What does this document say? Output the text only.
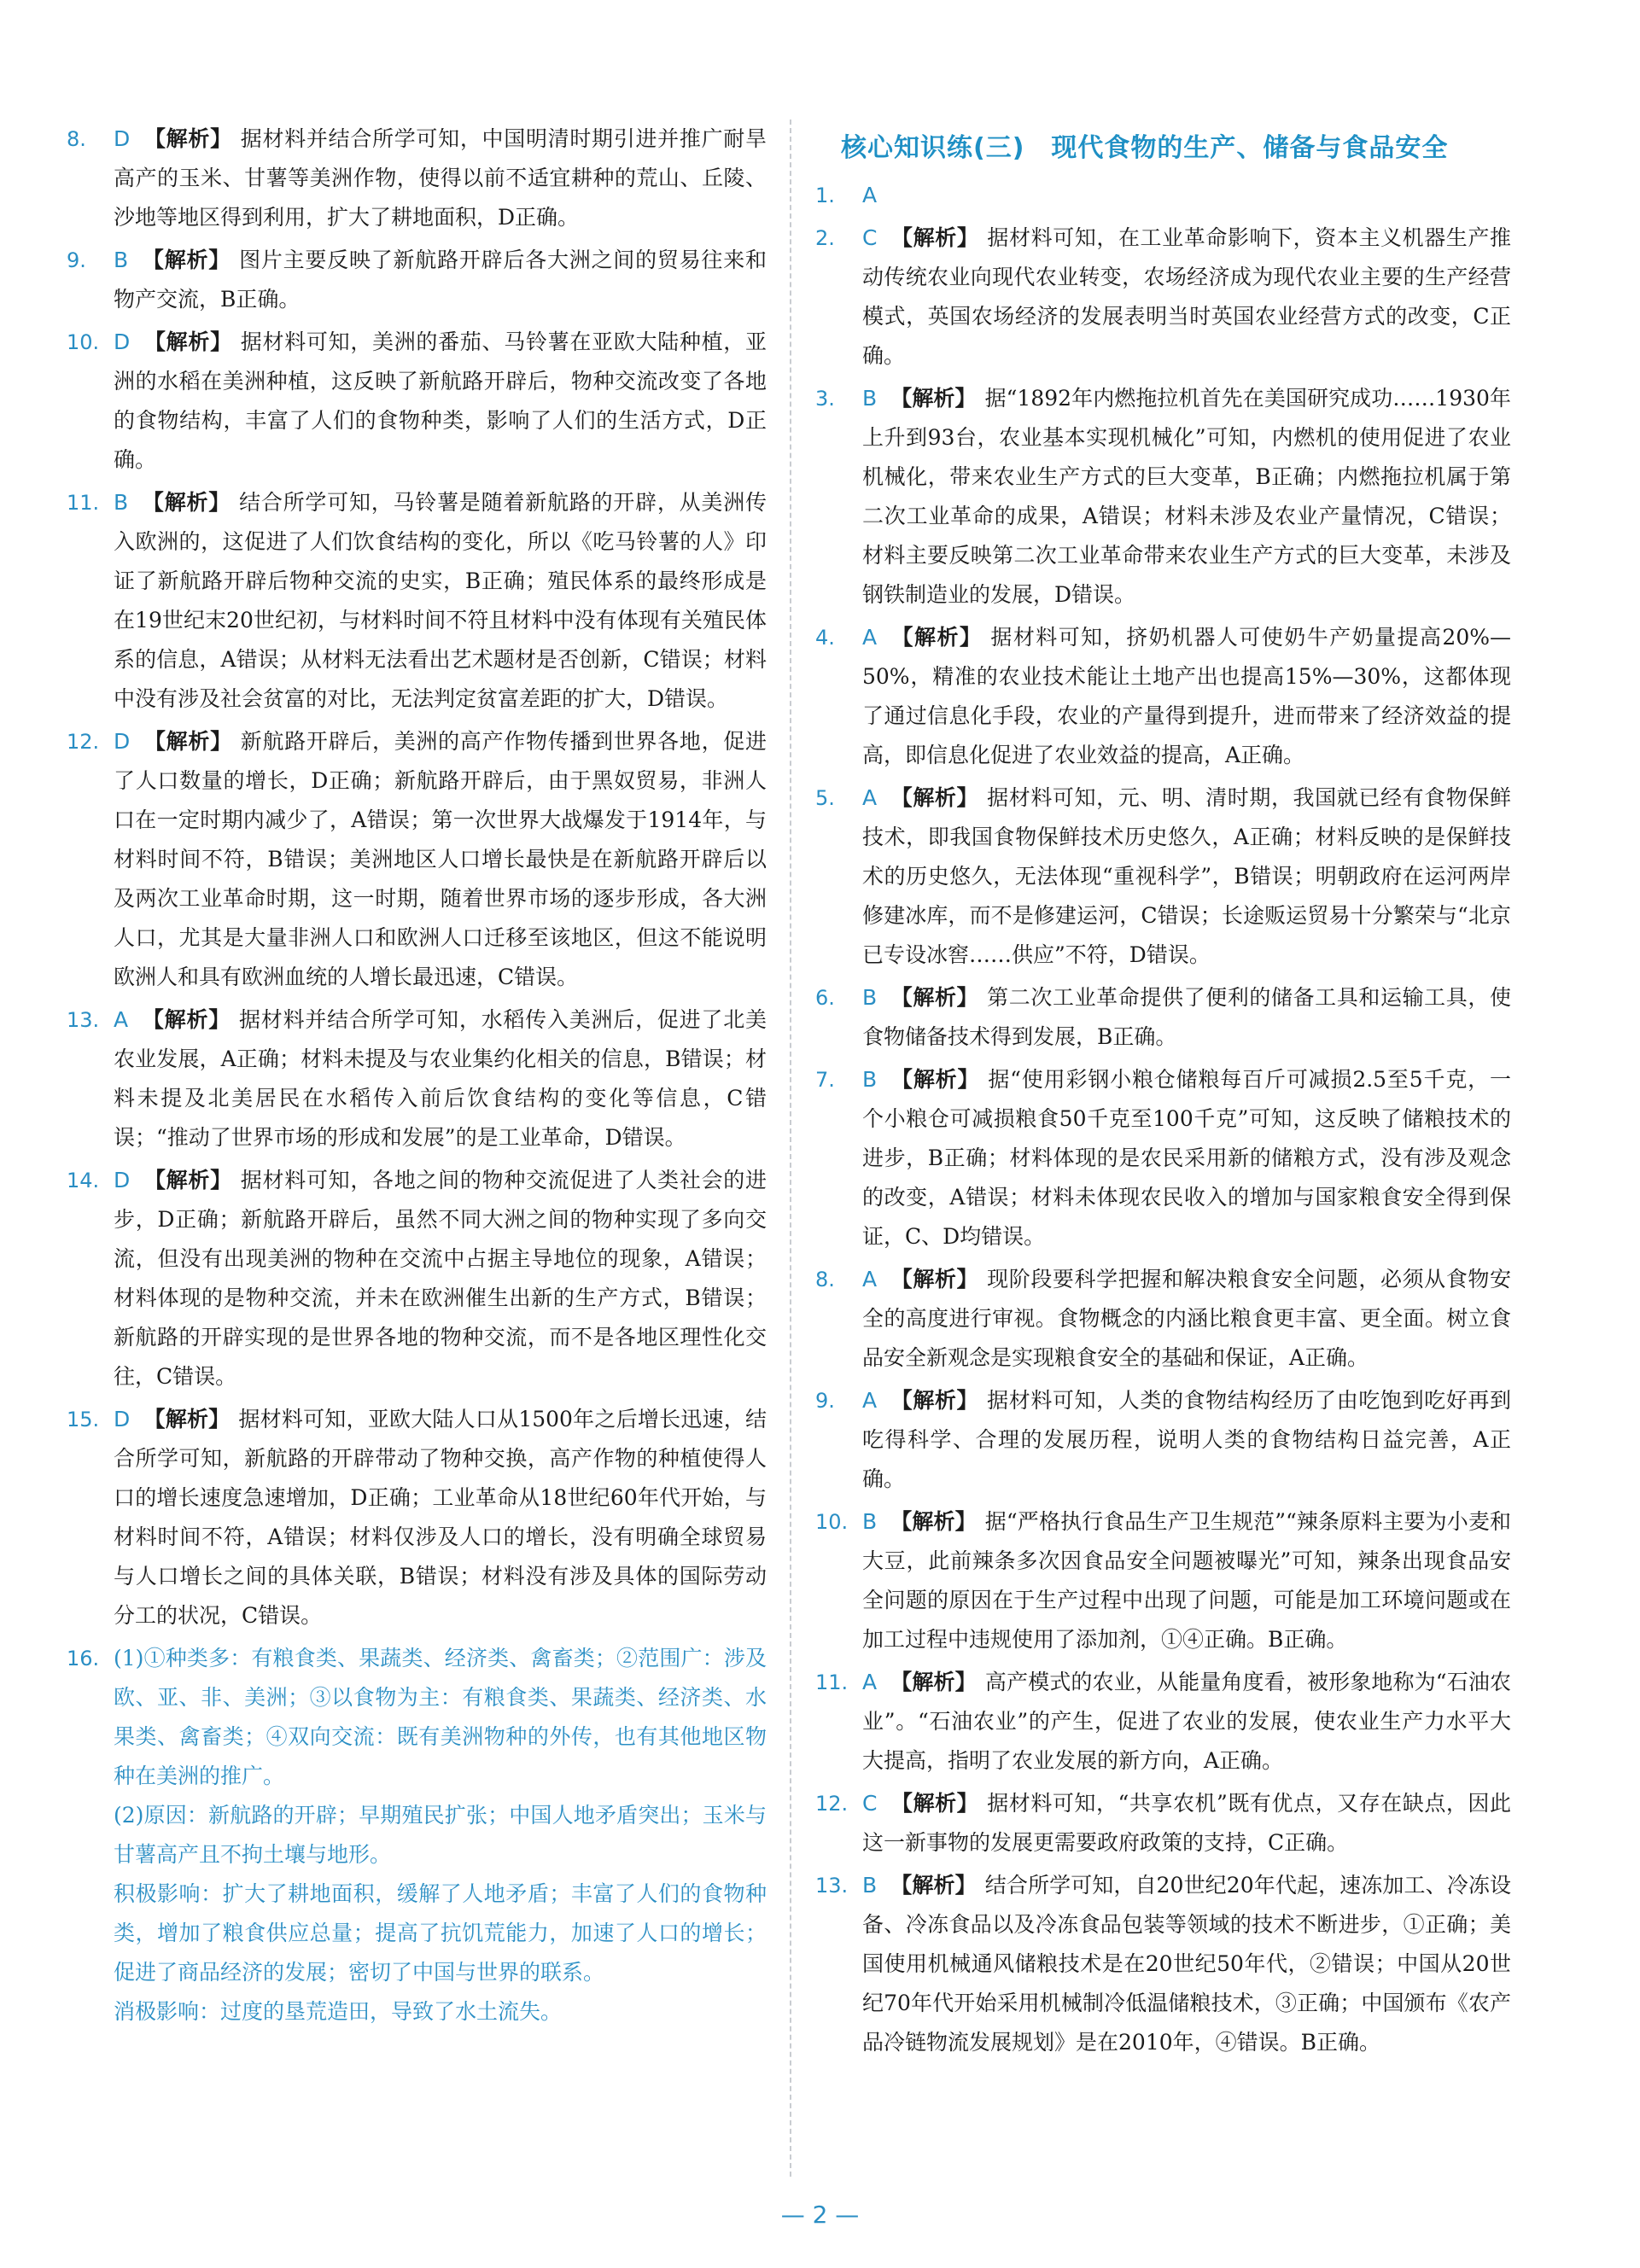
8. D 【解析】 据材料并结合所学可知，中国明清时期引进并推广耐旱高产的玉米、甘薯等美洲作物，使得以前不适宜耕种的荒山、丘陵、沙地等地区得到利用，扩大了耕地面积，D正确。
9. B 【解析】 图片主要反映了新航路开辟后各大洲之间的贸易往来和物产交流，B正确。
10. D 【解析】 据材料可知，美洲的番茄、马铃薯在亚欧大陆种植，亚洲的水稻在美洲种植，这反映了新航路开辟后，物种交流改变了各地的食物结构，丰富了人们的食物种类，影响了人们的生活方式，D正确。
11. B 【解析】 结合所学可知，马铃薯是随着新航路的开辟，从美洲传入欧洲的，这促进了人们饮食结构的变化，所以《吃马铃薯的人》印证了新航路开辟后物种交流的史实，B正确；殖民体系的最终形成是在19世纪末20世纪初，与材料时间不符且材料中没有体现有关殖民体系的信息，A错误；从材料无法看出艺术题材是否创新，C错误；材料中没有涉及社会贫富的对比，无法判定贫富差距的扩大，D错误。
12. D 【解析】 新航路开辟后，美洲的高产作物传播到世界各地，促进了人口数量的增长，D正确；新航路开辟后，由于黑奴贸易，非洲人口在一定时期内减少了，A错误；第一次世界大战爆发于1914年，与材料时间不符，B错误；美洲地区人口增长最快是在新航路开辟后以及两次工业革命时期，这一时期，随着世界市场的逐步形成，各大洲人口，尤其是大量非洲人口和欧洲人口迁移至该地区，但这不能说明欧洲人和具有欧洲血统的人增长最迅速，C错误。
13. A 【解析】 据材料并结合所学可知，水稻传入美洲后，促进了北美农业发展，A正确；材料未提及与农业集约化相关的信息，B错误；材料未提及北美居民在水稻传入前后饮食结构的变化等信息，C错误；“推动了世界市场的形成和发展”的是工业革命，D错误。
14. D 【解析】 据材料可知，各地之间的物种交流促进了人类社会的进步，D正确；新航路开辟后，虽然不同大洲之间的物种实现了多向交流，但没有出现美洲的物种在交流中占据主导地位的现象，A错误；材料体现的是物种交流，并未在欧洲催生出新的生产方式，B错误；新航路的开辟实现的是世界各地的物种交流，而不是各地区理性化交往，C错误。
15. D 【解析】 据材料可知，亚欧大陆人口从1500年之后增长迅速，结合所学可知，新航路的开辟带动了物种交换，高产作物的种植使得人口的增长速度急速增加，D正确；工业革命从18世纪60年代开始，与材料时间不符，A错误；材料仅涉及人口的增长，没有明确全球贸易与人口增长之间的具体关联，B错误；材料没有涉及具体的国际劳动分工的状况，C错误。
16. (1)①种类多：有粮食类、果蔬类、经济类、禽畜类；②范围广：涉及欧、亚、非、美洲；③以食物为主：有粮食类、果蔬类、经济类、水果类、禽畜类；④双向交流：既有美洲物种的外传，也有其他地区物种在美洲的推广。

(2)原因：新航路的开辟；早期殖民扩张；中国人地矛盾突出；玉米与甘薯高产且不拘土壤与地形。

积极影响：扩大了耕地面积，缓解了人地矛盾；丰富了人们的食物种类，增加了粮食供应总量；提高了抗饥荒能力，加速了人口的增长；促进了商品经济的发展；密切了中国与世界的联系。

消极影响：过度的垦荒造田，导致了水土流失。

核心知识练(三)　现代食物的生产、储备与食品安全
1. A
2. C 【解析】 据材料可知，在工业革命影响下，资本主义机器生产推动传统农业向现代农业转变，农场经济成为现代农业主要的生产经营模式，英国农场经济的发展表明当时英国农业经营方式的改变，C正确。
3. B 【解析】 据“1892年内燃拖拉机首先在美国研究成功……1930年上升到93台，农业基本实现机械化”可知，内燃机的使用促进了农业机械化，带来农业生产方式的巨大变革，B正确；内燃拖拉机属于第二次工业革命的成果，A错误；材料未涉及农业产量情况，C错误；材料主要反映第二次工业革命带来农业生产方式的巨大变革，未涉及钢铁制造业的发展，D错误。
4. A 【解析】 据材料可知，挤奶机器人可使奶牛产奶量提高20%—50%，精准的农业技术能让土地产出也提高15%—30%，这都体现了通过信息化手段，农业的产量得到提升，进而带来了经济效益的提高，即信息化促进了农业效益的提高，A正确。
5. A 【解析】 据材料可知，元、明、清时期，我国就已经有食物保鲜技术，即我国食物保鲜技术历史悠久，A正确；材料反映的是保鲜技术的历史悠久，无法体现“重视科学”，B错误；明朝政府在运河两岸修建冰库，而不是修建运河，C错误；长途贩运贸易十分繁荣与“北京已专设冰窖……供应”不符，D错误。
6. B 【解析】 第二次工业革命提供了便利的储备工具和运输工具，使食物储备技术得到发展，B正确。
7. B 【解析】 据“使用彩钢小粮仓储粮每百斤可减损2.5至5千克，一个小粮仓可减损粮食50千克至100千克”可知，这反映了储粮技术的进步，B正确；材料体现的是农民采用新的储粮方式，没有涉及观念的改变，A错误；材料未体现农民收入的增加与国家粮食安全得到保证，C、D均错误。
8. A 【解析】 现阶段要科学把握和解决粮食安全问题，必须从食物安全的高度进行审视。食物概念的内涵比粮食更丰富、更全面。树立食品安全新观念是实现粮食安全的基础和保证，A正确。
9. A 【解析】 据材料可知，人类的食物结构经历了由吃饱到吃好再到吃得科学、合理的发展历程，说明人类的食物结构日益完善，A正确。
10. B 【解析】 据“严格执行食品生产卫生规范”“辣条原料主要为小麦和大豆，此前辣条多次因食品安全问题被曝光”可知，辣条出现食品安全问题的原因在于生产过程中出现了问题，可能是加工环境问题或在加工过程中违规使用了添加剂，①④正确。B正确。
11. A 【解析】 高产模式的农业，从能量角度看，被形象地称为“石油农业”。“石油农业”的产生，促进了农业的发展，使农业生产力水平大大提高，指明了农业发展的新方向，A正确。
12. C 【解析】 据材料可知，“共享农机”既有优点，又存在缺点，因此这一新事物的发展更需要政府政策的支持，C正确。
13. B 【解析】 结合所学可知，自20世纪20年代起，速冻加工、冷冻设备、冷冻食品以及冷冻食品包装等领域的技术不断进步，①正确；美国使用机械通风储粮技术是在20世纪50年代，②错误；中国从20世纪70年代开始采用机械制冷低温储粮技术，③正确；中国颁布《农产品冷链物流发展规划》是在2010年，④错误。B正确。
— 2 —
